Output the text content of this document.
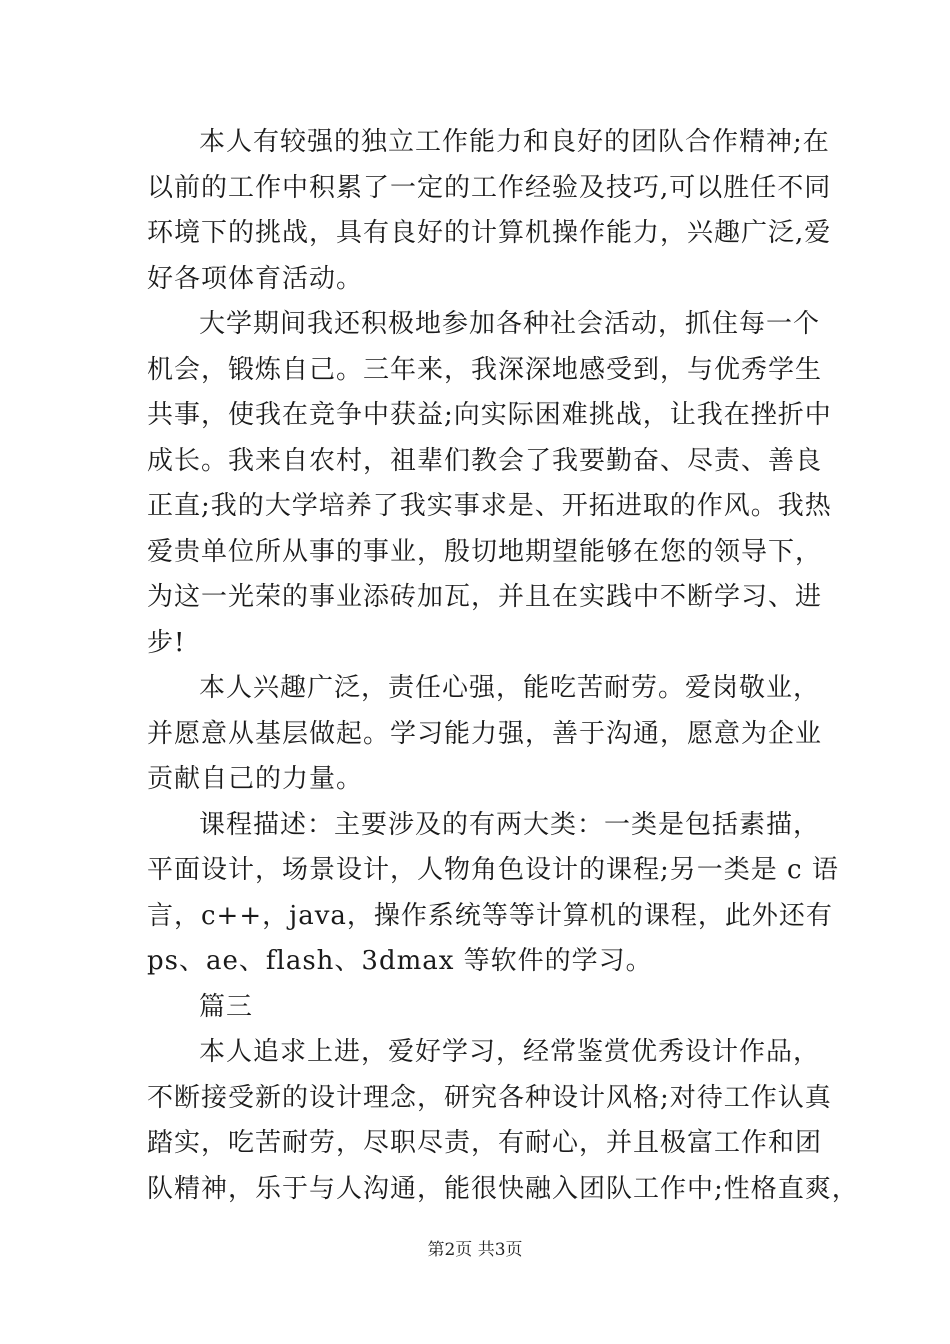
本人有较强的独立工作能力和良好的团队合作精神;在
以前的工作中积累了一定的工作经验及技巧,可以胜任不同
环境下的挑战，具有良好的计算机操作能力，兴趣广泛,爱
好各项体育活动。
大学期间我还积极地参加各种社会活动，抓住每一个
机会，锻炼自己。三年来，我深深地感受到，与优秀学生
共事，使我在竞争中获益;向实际困难挑战，让我在挫折中
成长。我来自农村，祖辈们教会了我要勤奋、尽责、善良
正直;我的大学培养了我实事求是、开拓进取的作风。我热
爱贵单位所从事的事业，殷切地期望能够在您的领导下，
为这一光荣的事业添砖加瓦，并且在实践中不断学习、进
步!
本人兴趣广泛，责任心强，能吃苦耐劳。爱岗敬业，
并愿意从基层做起。学习能力强，善于沟通，愿意为企业
贡献自己的力量。
课程描述：主要涉及的有两大类：一类是包括素描，
平面设计，场景设计，人物角色设计的课程;另一类是 c 语
言，c++，java，操作系统等等计算机的课程，此外还有
ps、ae、flash、3dmax 等软件的学习。
篇三
本人追求上进，爱好学习，经常鉴赏优秀设计作品，
不断接受新的设计理念，研究各种设计风格;对待工作认真
踏实，吃苦耐劳，尽职尽责，有耐心，并且极富工作和团
队精神，乐于与人沟通，能很快融入团队工作中;性格直爽，
第2页 共3页
